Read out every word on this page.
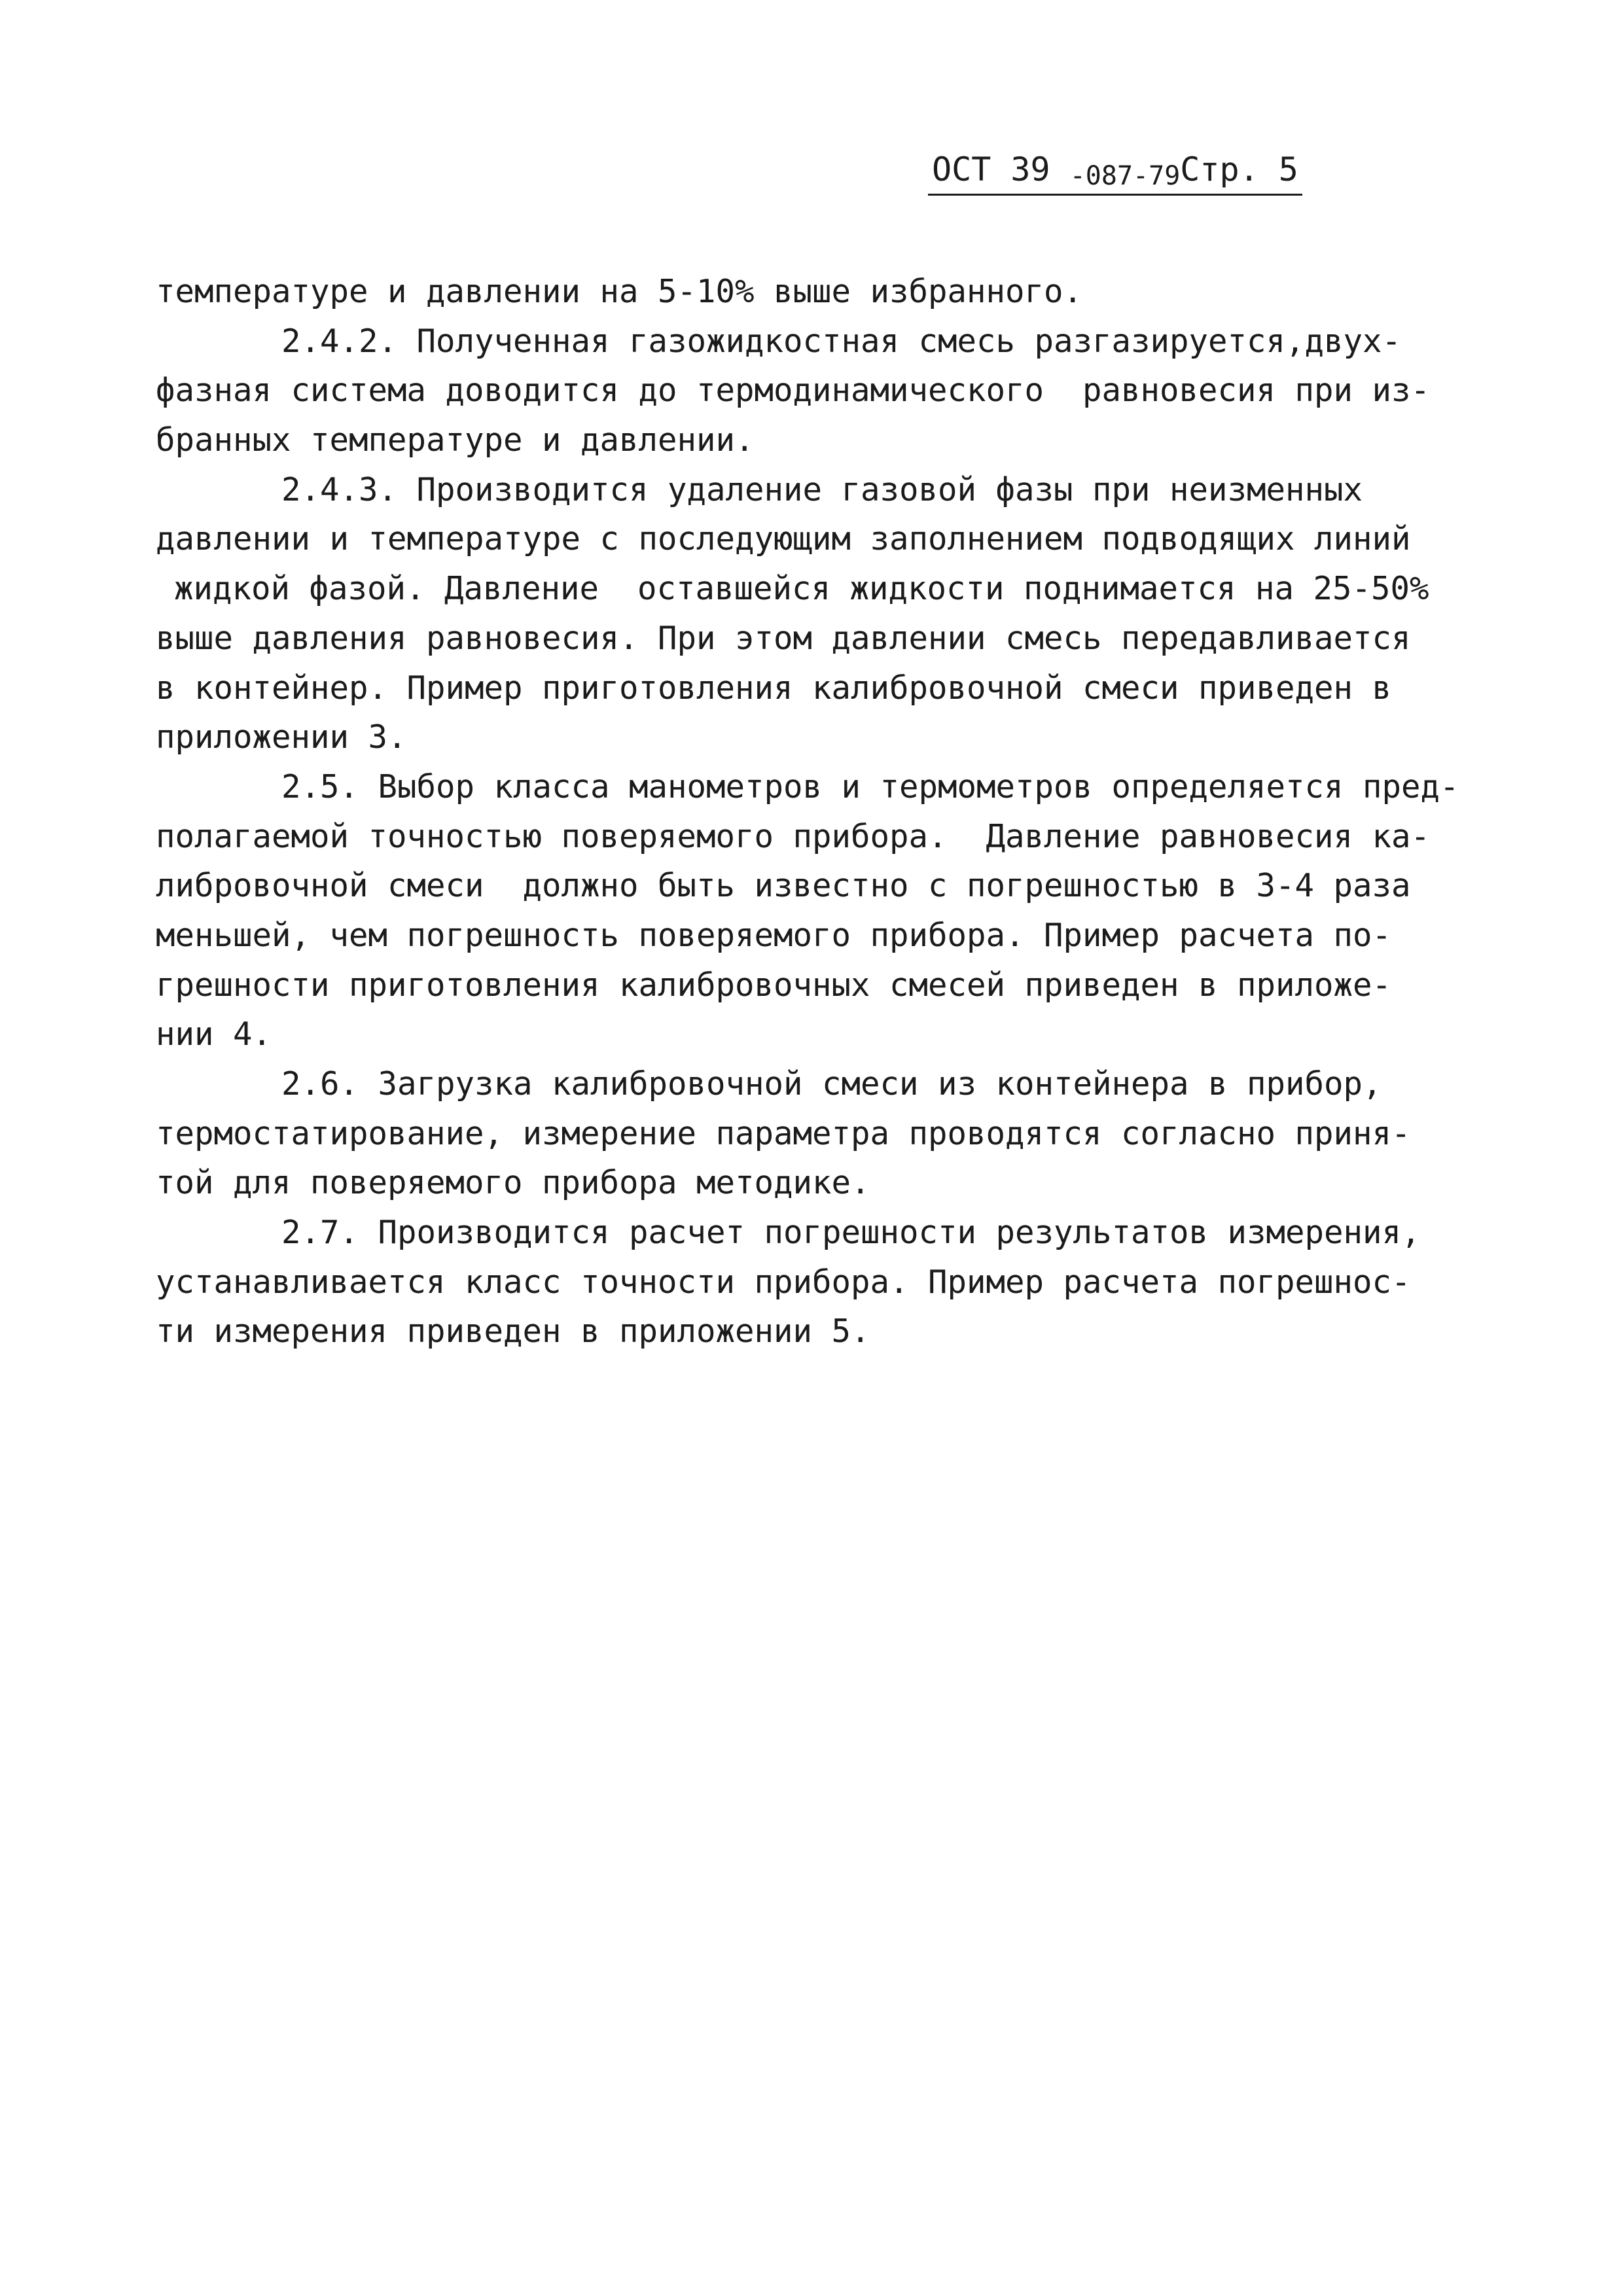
ОСТ 39 -087-79Стр. 5
температуре и давлении на 5-10% выше избранного.
2.4.2. Полученная газожидкостная смесь разгазируется,двух-
фазная система доводится до термодинамического  равновесия при из-
бранных температуре и давлении.
2.4.3. Производится удаление газовой фазы при неизменных
давлении и температуре с последующим заполнением подводящих линий
жидкой фазой. Давление  оставшейся жидкости поднимается на 25-50%
выше давления равновесия. При этом давлении смесь передавливается
в контейнер. Пример приготовления калибровочной смеси приведен в
приложении 3.
2.5. Выбор класса манометров и термометров определяется пред-
полагаемой точностью поверяемого прибора.  Давление равновесия ка-
либровочной смеси  должно быть известно с погрешностью в 3-4 раза
меньшей, чем погрешность поверяемого прибора. Пример расчета по-
грешности приготовления калибровочных смесей приведен в приложе-
нии 4.
2.6. Загрузка калибровочной смеси из контейнера в прибор,
термостатирование, измерение параметра проводятся согласно приня-
той для поверяемого прибора методике.
2.7. Производится расчет погрешности результатов измерения,
устанавливается класс точности прибора. Пример расчета погрешнос-
ти измерения приведен в приложении 5.
